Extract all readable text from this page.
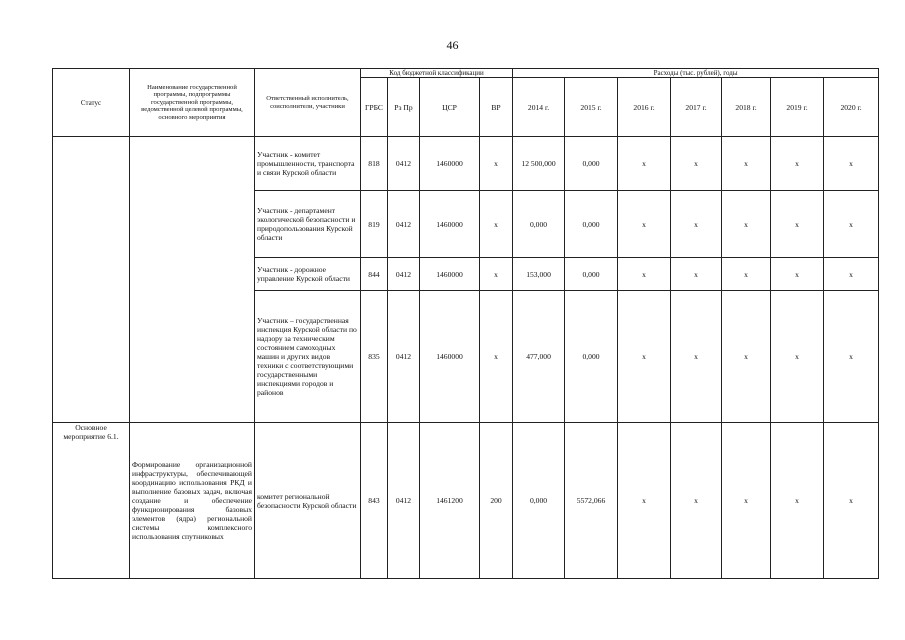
46
Статус	Наименование государственной программы, подпрограммы государственной программы, ведомственной целевой программы, основного мероприятия	Ответственный исполнитель, соисполнители, участники	Код бюджетной классификации				Расходы (тыс. рублей), годы						
			ГРБС	Рз Пр	ЦСР	ВР	2014 г.	2015 г.	2016 г.	2017 г.	2018 г.	2019 г.	2020 г.
		Участник - комитет промышленности, транспорта и связи Курской области	818	0412	1460000	х	12 500,000	0,000	х	х	х	х	х
		Участник - департамент экологической безопасности и природопользования Курской области	819	0412	1460000	х	0,000	0,000	х	х	х	х	х
		Участник - дорожное управление Курской области	844	0412	1460000	х	153,000	0,000	х	х	х	х	х
		Участник – государственная инспекция Курской области по надзору за техническим состоянием самоходных машин и других видов техники с соответствующими государственными инспекциями городов и районов	835	0412	1460000	х	477,000	0,000	х	х	х	х	х
Основное мероприятие 6.1.	Формирование организационной инфраструктуры, обеспечивающей координацию использования РКД и выполнение базовых задач, включая создание и обеспечение функционирования базовых элементов (ядра) региональной системы комплексного использования спутниковых	комитет региональной безопасности Курской области	843	0412	1461200	200	0,000	5572,066	х	х	х	х	х
